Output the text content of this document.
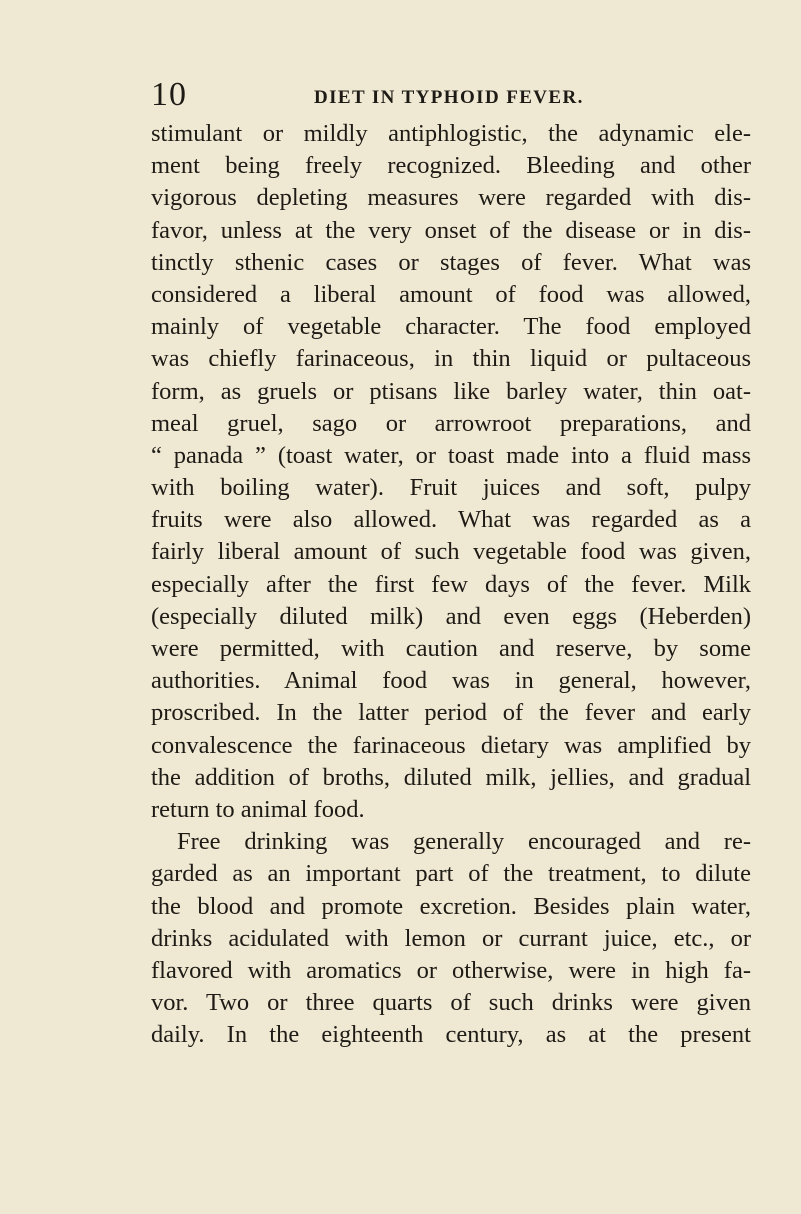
10	DIET IN TYPHOID FEVER.
stimulant or mildly antiphlogistic, the adynamic ele-
ment being freely recognized. Bleeding and other
vigorous depleting measures were regarded with dis-
favor, unless at the very onset of the disease or in dis-
tinctly sthenic cases or stages of fever. What was
considered a liberal amount of food was allowed,
mainly of vegetable character. The food employed
was chiefly farinaceous, in thin liquid or pultaceous
form, as gruels or ptisans like barley water, thin oat-
meal gruel, sago or arrowroot preparations, and
“ panada ” (toast water, or toast made into a fluid mass
with boiling water). Fruit juices and soft, pulpy
fruits were also allowed. What was regarded as a
fairly liberal amount of such vegetable food was given,
especially after the first few days of the fever. Milk
(especially diluted milk) and even eggs (Heberden)
were permitted, with caution and reserve, by some
authorities. Animal food was in general, however,
proscribed. In the latter period of the fever and early
convalescence the farinaceous dietary was amplified by
the addition of broths, diluted milk, jellies, and gradual
return to animal food.
Free drinking was generally encouraged and re-
garded as an important part of the treatment, to dilute
the blood and promote excretion. Besides plain water,
drinks acidulated with lemon or currant juice, etc., or
flavored with aromatics or otherwise, were in high fa-
vor. Two or three quarts of such drinks were given
daily. In the eighteenth century, as at the present
